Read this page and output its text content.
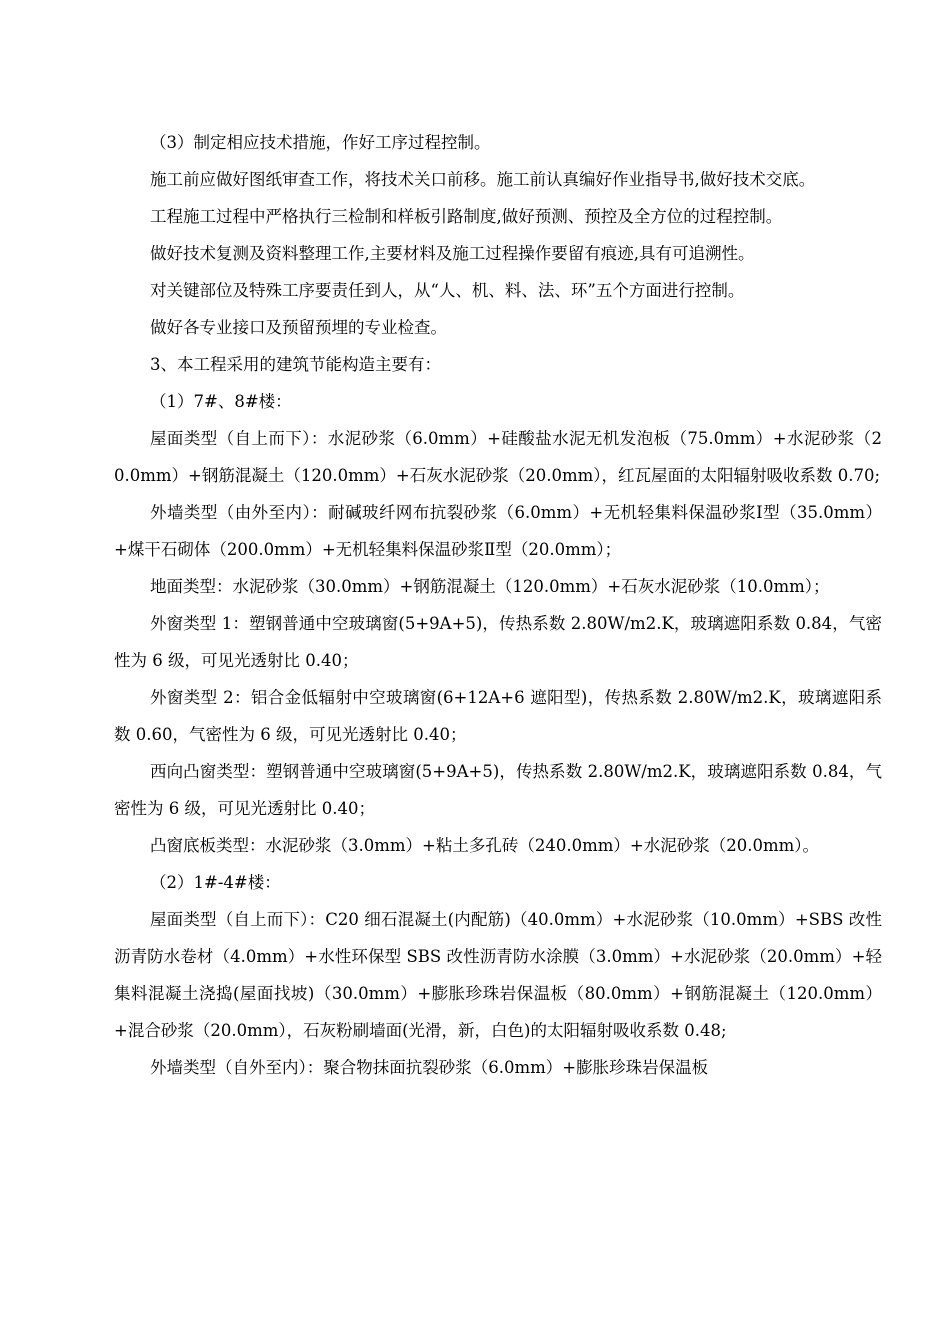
（3）制定相应技术措施，作好工序过程控制。

施工前应做好图纸审查工作，将技术关口前移。施工前认真编好作业指导书,做好技术交底。

工程施工过程中严格执行三检制和样板引路制度,做好预测、预控及全方位的过程控制。

做好技术复测及资料整理工作,主要材料及施工过程操作要留有痕迹,具有可追溯性。

对关键部位及特殊工序要责任到人，从“人、机、料、法、环”五个方面进行控制。

做好各专业接口及预留预埋的专业检查。

3、本工程采用的建筑节能构造主要有：

（1）7#、8#楼：

屋面类型（自上而下）：水泥砂浆（6.0mm）+硅酸盐水泥无机发泡板（75.0mm）+水泥砂浆（20.0mm）+钢筋混凝土（120.0mm）+石灰水泥砂浆（20.0mm），红瓦屋面的太阳辐射吸收系数 0.70;

外墙类型（由外至内）：耐碱玻纤网布抗裂砂浆（6.0mm）+无机轻集料保温砂浆Ⅰ型（35.0mm）+煤干石砌体（200.0mm）+无机轻集料保温砂浆Ⅱ型（20.0mm）；

地面类型：水泥砂浆（30.0mm）+钢筋混凝土（120.0mm）+石灰水泥砂浆（10.0mm）；

外窗类型 1：塑钢普通中空玻璃窗(5+9A+5)，传热系数 2.80W/m2.K，玻璃遮阳系数 0.84，气密性为 6 级，可见光透射比 0.40；

外窗类型 2：铝合金低辐射中空玻璃窗(6+12A+6 遮阳型)，传热系数 2.80W/m2.K，玻璃遮阳系数 0.60，气密性为 6 级，可见光透射比 0.40；

西向凸窗类型：塑钢普通中空玻璃窗(5+9A+5)，传热系数 2.80W/m2.K，玻璃遮阳系数 0.84，气密性为 6 级，可见光透射比 0.40；

凸窗底板类型：水泥砂浆（3.0mm）+粘土多孔砖（240.0mm）+水泥砂浆（20.0mm）。

（2）1#-4#楼：

屋面类型（自上而下）：C20 细石混凝土(内配筋)（40.0mm）+水泥砂浆（10.0mm）+SBS 改性沥青防水卷材（4.0mm）+水性环保型 SBS 改性沥青防水涂膜（3.0mm）+水泥砂浆（20.0mm）+轻集料混凝土浇捣(屋面找坡)（30.0mm）+膨胀珍珠岩保温板（80.0mm）+钢筋混凝土（120.0mm）+混合砂浆（20.0mm），石灰粉刷墙面(光滑，新，白色)的太阳辐射吸收系数 0.48;

外墙类型（自外至内）：聚合物抹面抗裂砂浆（6.0mm）+膨胀珍珠岩保温板
